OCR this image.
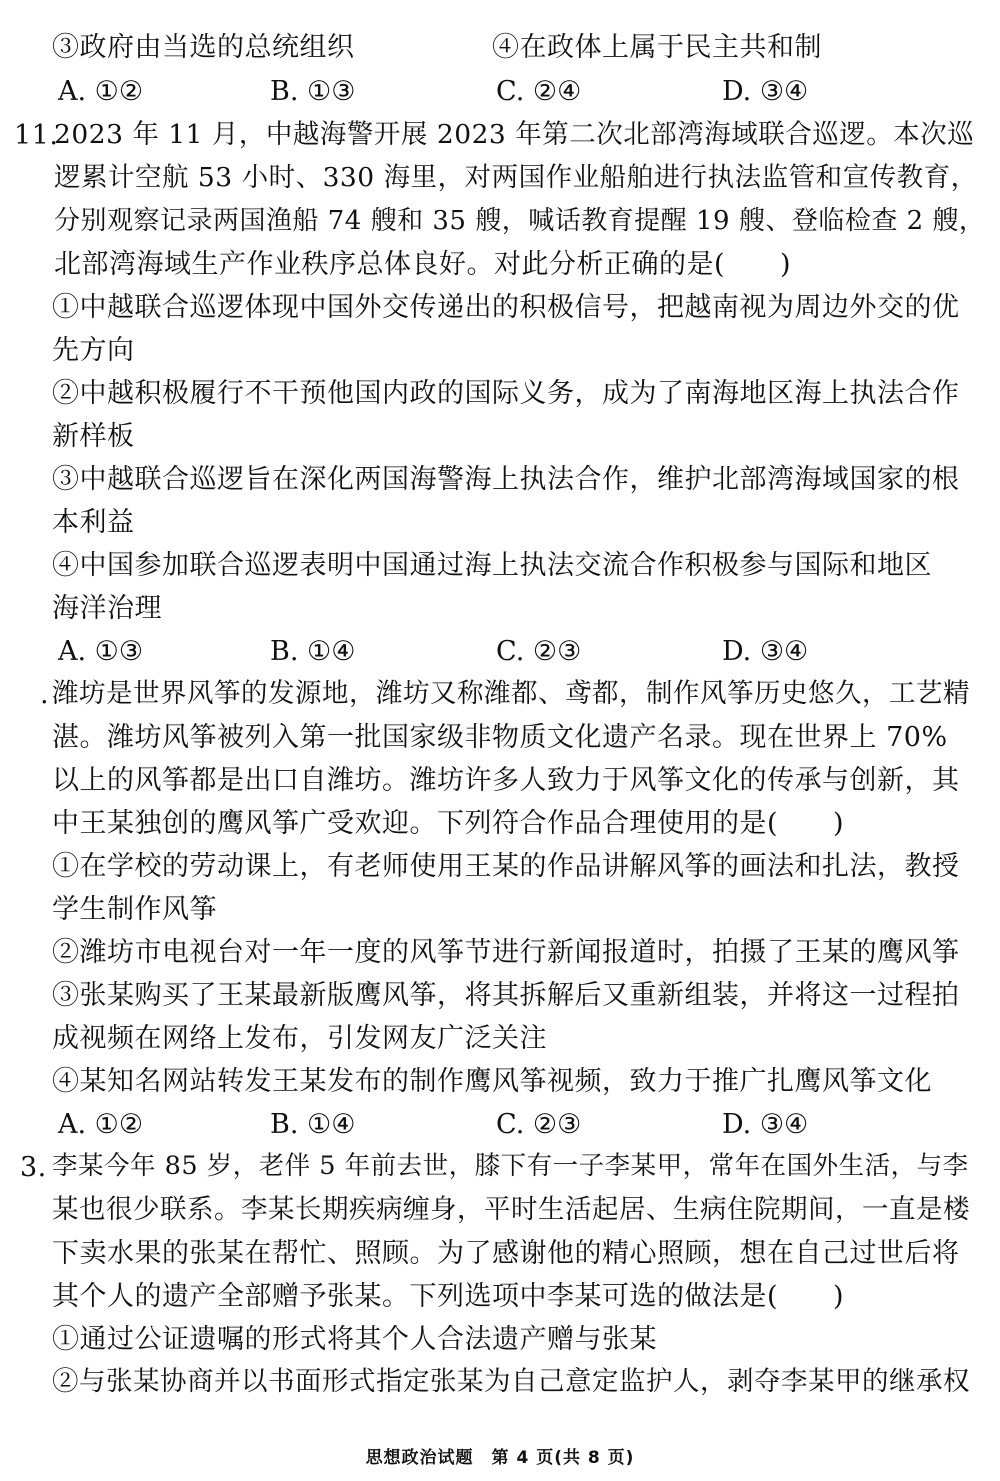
③政府由当选的总统组织	④在政体上属于民主共和制
A. ①②	B. ①③	C. ②④	D. ③④
11.
2023 年 11 月，中越海警开展 2023 年第二次北部湾海域联合巡逻。本次巡
逻累计空航 53 小时、330 海里，对两国作业船舶进行执法监管和宣传教育，
分别观察记录两国渔船 74 艘和 35 艘，喊话教育提醒 19 艘、登临检查 2 艘，
北部湾海域生产作业秩序总体良好。对此分析正确的是(　　)
①中越联合巡逻体现中国外交传递出的积极信号，把越南视为周边外交的优
先方向
②中越积极履行不干预他国内政的国际义务，成为了南海地区海上执法合作
新样板
③中越联合巡逻旨在深化两国海警海上执法合作，维护北部湾海域国家的根
本利益
④中国参加联合巡逻表明中国通过海上执法交流合作积极参与国际和地区
海洋治理
A. ①③	B. ①④	C. ②③	D. ③④
. 潍坊是世界风筝的发源地，潍坊又称潍都、鸢都，制作风筝历史悠久，工艺精
湛。潍坊风筝被列入第一批国家级非物质文化遗产名录。现在世界上 70%
以上的风筝都是出口自潍坊。潍坊许多人致力于风筝文化的传承与创新，其
中王某独创的鹰风筝广受欢迎。下列符合作品合理使用的是(　　)
①在学校的劳动课上，有老师使用王某的作品讲解风筝的画法和扎法，教授
学生制作风筝
②潍坊市电视台对一年一度的风筝节进行新闻报道时，拍摄了王某的鹰风筝
③张某购买了王某最新版鹰风筝，将其拆解后又重新组装，并将这一过程拍
成视频在网络上发布，引发网友广泛关注
④某知名网站转发王某发布的制作鹰风筝视频，致力于推广扎鹰风筝文化
A. ①②	B. ①④	C. ②③	D. ③④
3. 李某今年 85 岁，老伴 5 年前去世，膝下有一子李某甲，常年在国外生活，与李
某也很少联系。李某长期疾病缠身，平时生活起居、生病住院期间，一直是楼
下卖水果的张某在帮忙、照顾。为了感谢他的精心照顾，想在自己过世后将
其个人的遗产全部赠予张某。下列选项中李某可选的做法是(　　)
①通过公证遗嘱的形式将其个人合法遗产赠与张某
②与张某协商并以书面形式指定张某为自己意定监护人，剥夺李某甲的继承权
思想政治试题　第 4 页(共 8 页)
